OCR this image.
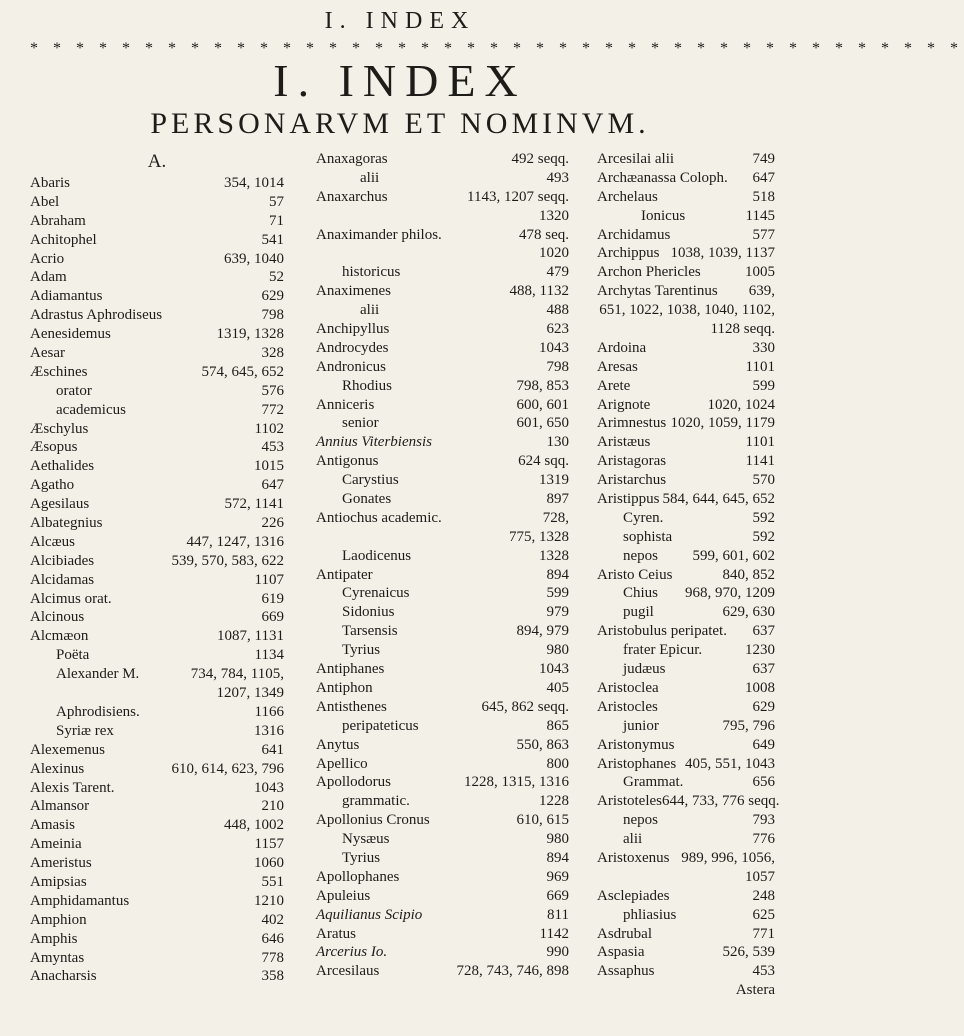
I. INDEX
* * * * * * * * * * * * * * * * * * * * * * * * * * * * * * * * * * * * * * * * *
I. INDEX
PERSONARVM ET NOMINVM.
A.
Abaris	354, 1014
Abel	57
Abraham	71
Achitophel	541
Acrio	639, 1040
Adam	52
Adiamantus	629
Adrastus Aphrodiseus	798
Aenesidemus	1319, 1328
Aesar	328
Æschines	574, 645, 652
orator	576
academicus	772
Æschylus	1102
Æsopus	453
Aethalides	1015
Agatho	647
Agesilaus	572, 1141
Albategnius	226
Alcæus	447, 1247, 1316
Alcibiades	539, 570, 583, 622
Alcidamas	1107
Alcimus orat.	619
Alcinous	669
Alcmæon	1087, 1131
Poëta	1134
Alexander M.	734, 784, 1105,
1207, 1349
Aphrodisiens.	1166
Syriæ rex	1316
Alexemenus	641
Alexinus	610, 614, 623, 796
Alexis Tarent.	1043
Almansor	210
Amasis	448, 1002
Ameinia	1157
Ameristus	1060
Amipsias	551
Amphidamantus	1210
Amphion	402
Amphis	646
Amyntas	778
Anacharsis	358
Anaxagoras	492 seqq.
alii	493
Anaxarchus	1143, 1207 seqq.
1320
Anaximander philos.	478 seq.
1020
historicus	479
Anaximenes	488, 1132
alii	488
Anchipyllus	623
Androcydes	1043
Andronicus	798
Rhodius	798, 853
Anniceris	600, 601
senior	601, 650
Annius Viterbiensis	130
Antigonus	624 sqq.
Carystius	1319
Gonates	897
Antiochus academic.	728,
775, 1328
Laodicenus	1328
Antipater	894
Cyrenaicus	599
Sidonius	979
Tarsensis	894, 979
Tyrius	980
Antiphanes	1043
Antiphon	405
Antisthenes	645, 862 seqq.
peripateticus	865
Anytus	550, 863
Apellico	800
Apollodorus	1228, 1315, 1316
grammatic.	1228
Apollonius Cronus	610, 615
Nysæus	980
Tyrius	894
Apollophanes	969
Apuleius	669
Aquilianus Scipio	811
Aratus	1142
Arcerius Io.	990
Arcesilaus	728, 743, 746, 898
Arcesilai alii	749
Archæanassa Coloph. 647
Archelaus	518
Ionicus	1145
Archidamus	577
Archippus 1038, 1039, 1137
Archon Phericles	1005
Archytas Tarentinus 639,
651, 1022, 1038, 1040, 1102,
1128 seqq.
Ardoina	330
Aresas	1101
Arete	599
Arignote	1020, 1024
Arimnestus 1020, 1059, 1179
Aristæus	1101
Aristagoras	1141
Aristarchus	570
Aristippus 584, 644, 645, 652
Cyren.	592
sophista	592
nepos 599, 601, 602
Aristo Ceius	840, 852
Chius 968, 970, 1209
pugil	629, 630
Aristobulus peripatet. 637
frater Epicur.	1230
judæus	637
Aristoclea	1008
Aristocles	629
junior	795, 796
Aristonymus	649
Aristophanes 405, 551, 1043
Grammat.	656
Aristoteles 644, 733, 776 seqq.
nepos	793
alii	776
Aristoxenus 989, 996, 1056,
1057
Asclepiades	248
phliasius	625
Asdrubal	771
Aspasia	526, 539
Assaphus	453
Astera
